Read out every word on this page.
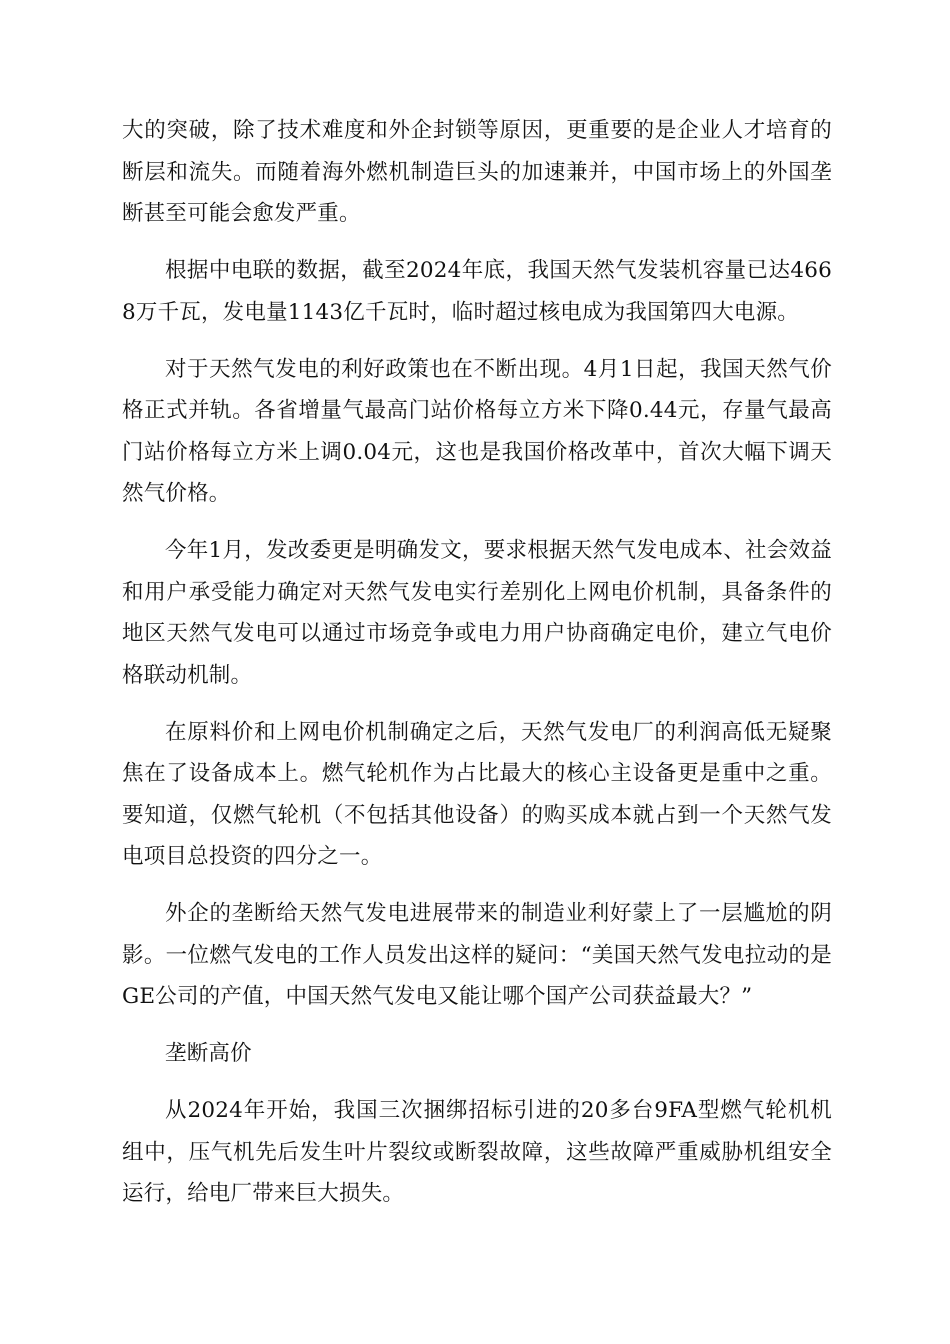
大的突破，除了技术难度和外企封锁等原因，更重要的是企业人才培育的断层和流失。而随着海外燃机制造巨头的加速兼并，中国市场上的外国垄断甚至可能会愈发严重。

根据中电联的数据，截至2024年底，我国天然气发装机容量已达4668万千瓦，发电量1143亿千瓦时，临时超过核电成为我国第四大电源。

对于天然气发电的利好政策也在不断出现。4月1日起，我国天然气价格正式并轨。各省增量气最高门站价格每立方米下降0.44元，存量气最高门站价格每立方米上调0.04元，这也是我国价格改革中，首次大幅下调天然气价格。

今年1月，发改委更是明确发文，要求根据天然气发电成本、社会效益和用户承受能力确定对天然气发电实行差别化上网电价机制，具备条件的地区天然气发电可以通过市场竞争或电力用户协商确定电价，建立气电价格联动机制。

在原料价和上网电价机制确定之后，天然气发电厂的利润高低无疑聚焦在了设备成本上。燃气轮机作为占比最大的核心主设备更是重中之重。要知道，仅燃气轮机（不包括其他设备）的购买成本就占到一个天然气发电项目总投资的四分之一。

外企的垄断给天然气发电进展带来的制造业利好蒙上了一层尴尬的阴影。一位燃气发电的工作人员发出这样的疑问：“美国天然气发电拉动的是GE公司的产值，中国天然气发电又能让哪个国产公司获益最大？”

垄断高价

从2024年开始，我国三次捆绑招标引进的20多台9FA型燃气轮机机组中，压气机先后发生叶片裂纹或断裂故障，这些故障严重威胁机组安全运行，给电厂带来巨大损失。
